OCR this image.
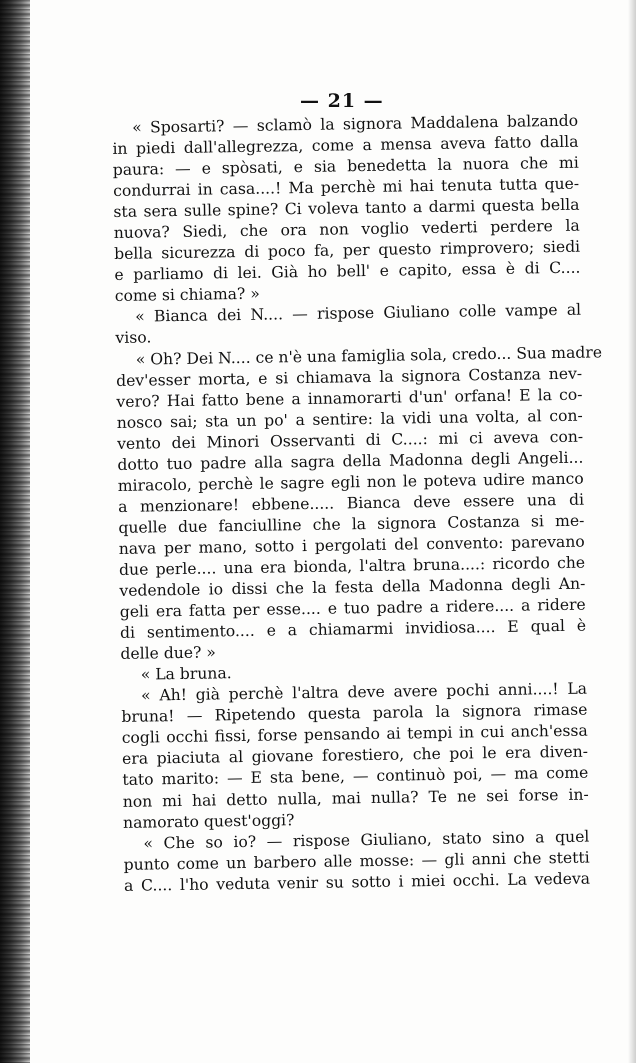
— 21 —
« Sposarti? — sclamò la signora Maddalena balzando
in piedi dall'allegrezza, come a mensa aveva fatto dalla
paura: — e spòsati, e sia benedetta la nuora che mi
condurrai in casa....! Ma perchè mi hai tenuta tutta que-
sta sera sulle spine? Ci voleva tanto a darmi questa bella
nuova? Siedi, che ora non voglio vederti perdere la
bella sicurezza di poco fa, per questo rimprovero; siedi
e parliamo di lei. Già ho bell' e capito, essa è di C....
come si chiama? »
« Bianca dei N.... — rispose Giuliano colle vampe al
viso.
« Oh? Dei N.... ce n'è una famiglia sola, credo... Sua madre
dev'esser morta, e si chiamava la signora Costanza nev-
vero? Hai fatto bene a innamorarti d'un' orfana! E la co-
nosco sai; sta un po' a sentire: la vidi una volta, al con-
vento dei Minori Osservanti di C....: mi ci aveva con-
dotto tuo padre alla sagra della Madonna degli Angeli...
miracolo, perchè le sagre egli non le poteva udire manco
a menzionare! ebbene..... Bianca deve essere una di
quelle due fanciulline che la signora Costanza si me-
nava per mano, sotto i pergolati del convento: parevano
due perle.... una era bionda, l'altra bruna....: ricordo che
vedendole io dissi che la festa della Madonna degli An-
geli era fatta per esse.... e tuo padre a ridere.... a ridere
di sentimento.... e a chiamarmi invidiosa.... E qual è
delle due? »
« La bruna.
« Ah! già perchè l'altra deve avere pochi anni....! La
bruna! — Ripetendo questa parola la signora rimase
cogli occhi fissi, forse pensando ai tempi in cui anch'essa
era piaciuta al giovane forestiero, che poi le era diven-
tato marito: — E sta bene, — continuò poi, — ma come
non mi hai detto nulla, mai nulla? Te ne sei forse in-
namorato quest'oggi?
« Che so io? — rispose Giuliano, stato sino a quel
punto come un barbero alle mosse: — gli anni che stetti
a C.... l'ho veduta venir su sotto i miei occhi. La vedeva
